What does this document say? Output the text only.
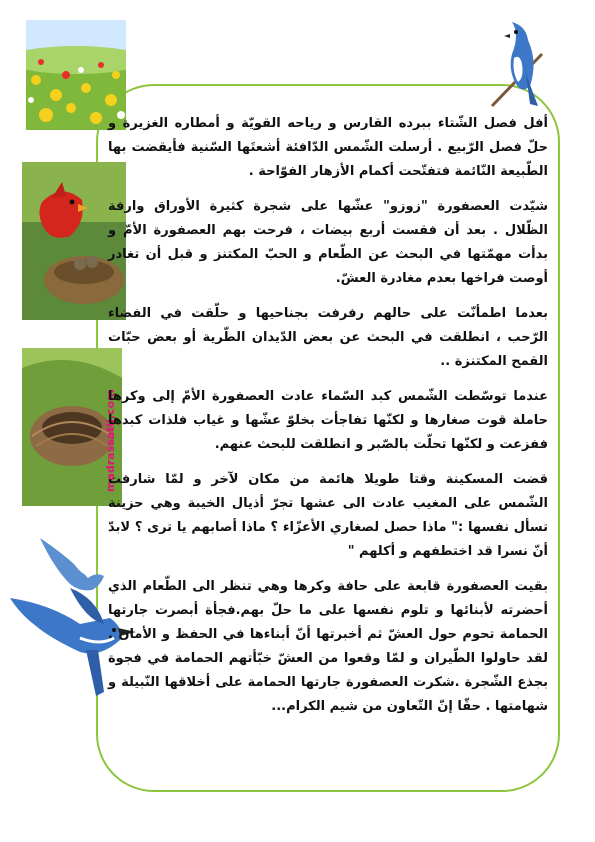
madrassatii.com

أفل فصل الشّتاء ببرده القارس و رياحه القويّة و أمطاره الغزيرة و حلّ فصل الرّبيع . أرسلت الشّمس الدّافئة أشعتَها السّنية فأيقضت بها الطّبيعة النّائمة فتفتّحت أكمام الأزهار الفوّاحة .

شيّدت العصفورة "زوزو" عشّها على شجرة كثيرة الأوراق وارفة الظّلال . بعد أن فقست أربع بيضات ، فرحت بهم العصفورة الأمّ و بدأت مهمّتها في البحث عن الطّعام و الحبّ المكتنز و قبل أن تغادر أوصت فراخها بعدم مغادرة العشّ.

بعدما اطمأنّت على حالهم رفرفت بجناحيها و حلّقت في الفضاء الرّحب ، انطلقت في البحث عن بعض الدّيدان الطّرية أو بعض حبّات القمح المكتنزة ..

عندما توسّطت الشّمس كبد السّماء عادت العصفورة الأمّ إلى وكرها حاملة قوت صغارها و لكنّها تفاجأت بخلوّ عشّها و غياب فلذات كبدها ففزعت و لكنّها تحلّت بالصّبر و انطلقت للبحث عنهم.

قضت المسكينة وقتا طويلا هائمة من مكان لآخر و لمّا شارفت الشّمس على المغيب عادت الى عشها تجرّ أذيال الخيبة وهي حزينة تسأل نفسها :" ماذا حصل لصغاري الأعزّاء ؟ ماذا أصابهم يا ترى ؟ لابدّ أنّ نسرا قد اختطفهم و أكلهم "

بقيت العصفورة قابعة على حافة وكرها وهي تنظر الى الطّعام الذي أحضرته لأبنائها و تلوم نفسها على ما حلّ بهم.فجأة أبصرت جارتها الحمامة تحوم حول العشّ ثم أخبرتها أنّ أبناءها في الحفظ و الأمان . لقد حاولوا الطّيران و لمّا وقعوا من العشّ خبّأتهم الحمامة في فجوة بجذع الشّجرة .شكرت العصفورة جارتها الحمامة على أخلاقها النّبيلة و شهامتها . حقّا إنّ التّعاون من شيم الكرام...
